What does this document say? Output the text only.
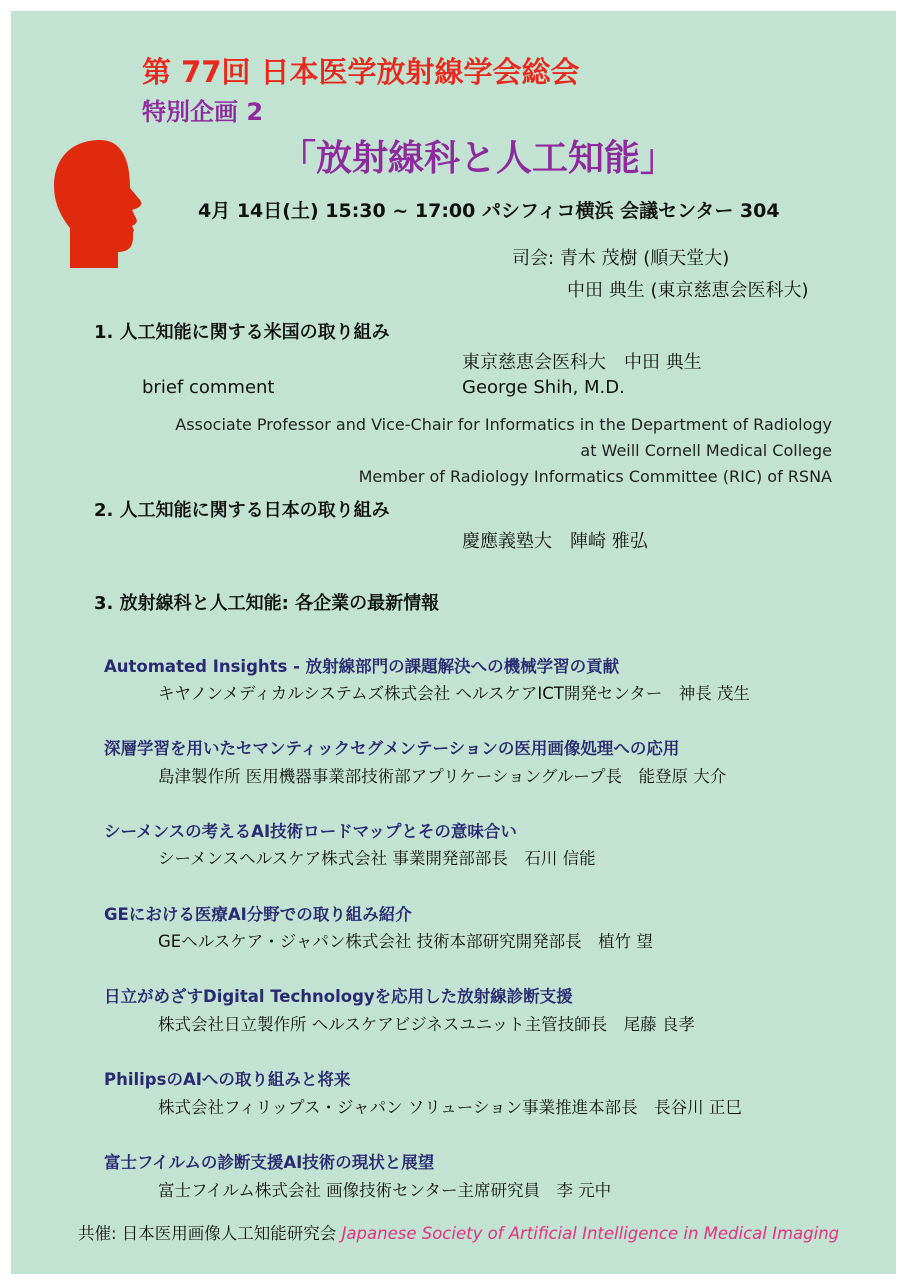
第 77回 日本医学放射線学会総会
特別企画 2
「放射線科と人工知能」
4月 14日(土) 15:30 ~ 17:00 パシフィコ横浜 会議センター 304
司会: 青木 茂樹 (順天堂大)
中田 典生 (東京慈恵会医科大)
1. 人工知能に関する米国の取り組み
東京慈恵会医科大　中田 典生
brief comment	George Shih, M.D.
Associate Professor and Vice-Chair for Informatics in the Department of Radiology
at Weill Cornell Medical College
Member of Radiology Informatics Committee (RIC) of RSNA
2. 人工知能に関する日本の取り組み
慶應義塾大　陣崎 雅弘
3. 放射線科と人工知能: 各企業の最新情報
Automated Insights - 放射線部門の課題解決への機械学習の貢献
キヤノンメディカルシステムズ株式会社 ヘルスケアICT開発センター　神長 茂生
深層学習を用いたセマンティックセグメンテーションの医用画像処理への応用
島津製作所 医用機器事業部技術部アプリケーショングループ長　能登原 大介
シーメンスの考えるAI技術ロードマップとその意味合い
シーメンスヘルスケア株式会社 事業開発部部長　石川 信能
GEにおける医療AI分野での取り組み紹介
GEヘルスケア・ジャパン株式会社 技術本部研究開発部長　植竹 望
日立がめざすDigital Technologyを応用した放射線診断支援
株式会社日立製作所 ヘルスケアビジネスユニット主管技師長　尾藤 良孝
PhilipsのAIへの取り組みと将来
株式会社フィリップス・ジャパン ソリューション事業推進本部長　長谷川 正巳
富士フイルムの診断支援AI技術の現状と展望
富士フイルム株式会社 画像技術センター主席研究員　李 元中
共催: 日本医用画像人工知能研究会 Japanese Society of Artificial Intelligence in Medical Imaging
